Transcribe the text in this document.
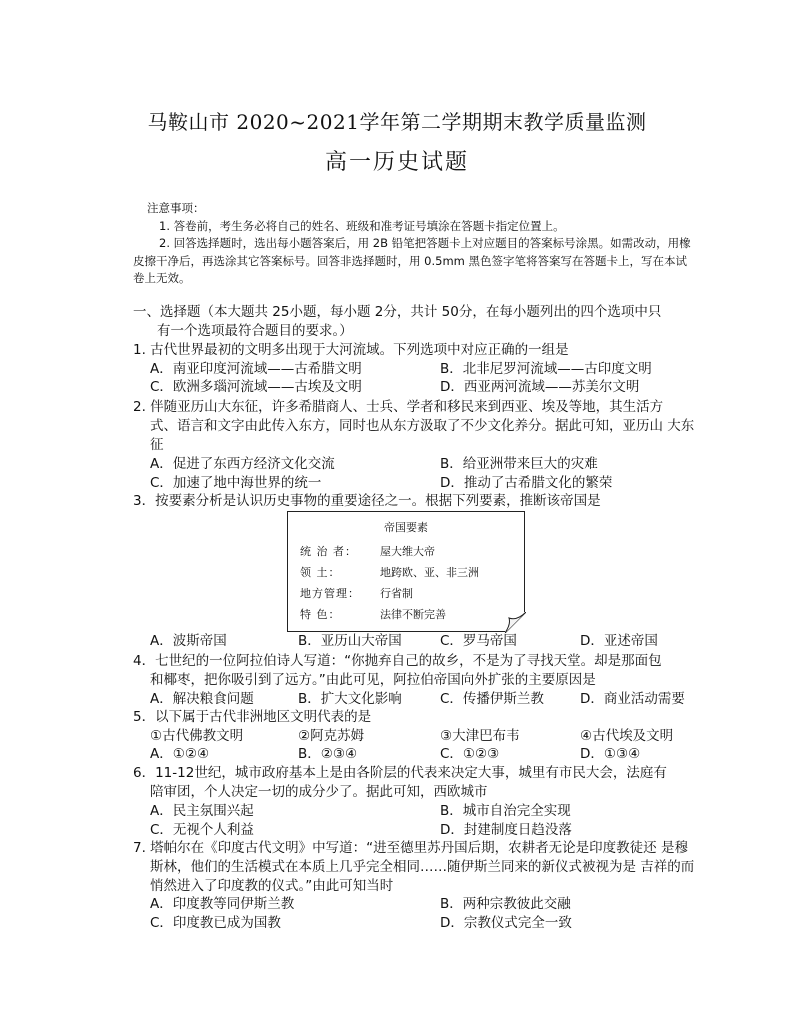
马鞍山市 2020~2021学年第二学期期末教学质量监测
高一历史试题
注意事项：
1. 答卷前，考生务必将自己的姓名、班级和准考证号填涂在答题卡指定位置上。
2. 回答选择题时，选出每小题答案后，用 2B 铅笔把答题卡上对应题目的答案标号涂黑。如需改动，用橡皮擦干净后，再选涂其它答案标号。回答非选择题时，用 0.5mm 黑色签字笔将答案写在答题卡上，写在本试卷上无效。
一、选择题（本大题共 25小题，每小题 2分，共计 50分，在每小题列出的四个选项中只
有一个选项最符合题目的要求。）
1. 古代世界最初的文明多出现于大河流域。下列选项中对应正确的一组是
A．南亚印度河流域——古希腊文明	B．北非尼罗河流域——古印度文明
C．欧洲多瑙河流域——古埃及文明	D．西亚两河流域——苏美尔文明
2. 伴随亚历山大东征，许多希腊商人、士兵、学者和移民来到西亚、埃及等地，其生活方
式、语言和文字由此传入东方，同时也从东方汲取了不少文化养分。据此可知，亚历山 大东
征
A．促进了东西方经济文化交流	B．给亚洲带来巨大的灾难
C．加速了地中海世界的统一	D．推动了古希腊文化的繁荣
3．按要素分析是认识历史事物的重要途径之一。根据下列要素，推断该帝国是
帝国要素
统 治 者： 屋大维大帝
领 土：	地跨欧、亚、非三洲
地方管理： 行省制
特 色：	法律不断完善
A．波斯帝国	B．亚历山大帝国	C．罗马帝国	D．亚述帝国
4．七世纪的一位阿拉伯诗人写道：“你抛弃自己的故乡，不是为了寻找天堂。却是那面包
和椰枣，把你吸引到了远方。”由此可见，阿拉伯帝国向外扩张的主要原因是
A．解决粮食问题	B．扩大文化影响	C．传播伊斯兰教	D．商业活动需要
5．以下属于古代非洲地区文明代表的是
①古代佛教文明	②阿克苏姆	③大津巴布韦	④古代埃及文明
A．①②④	B．②③④	C．①②③	D．①③④
6．11-12世纪，城市政府基本上是由各阶层的代表来决定大事，城里有市民大会，法庭有
陪审团，个人决定一切的成分少了。据此可知，西欧城市
A．民主氛围兴起	B．城市自治完全实现
C．无视个人利益	D．封建制度日趋没落
7. 塔帕尔在《印度古代文明》中写道：“进至德里苏丹国后期，农耕者无论是印度教徒还 是穆
斯林，他们的生活模式在本质上几乎完全相同……随伊斯兰同来的新仪式被视为是 吉祥的而
悄然进入了印度教的仪式。”由此可知当时
A．印度教等同伊斯兰教	B．两种宗教彼此交融
C．印度教已成为国教	D．宗教仪式完全一致
